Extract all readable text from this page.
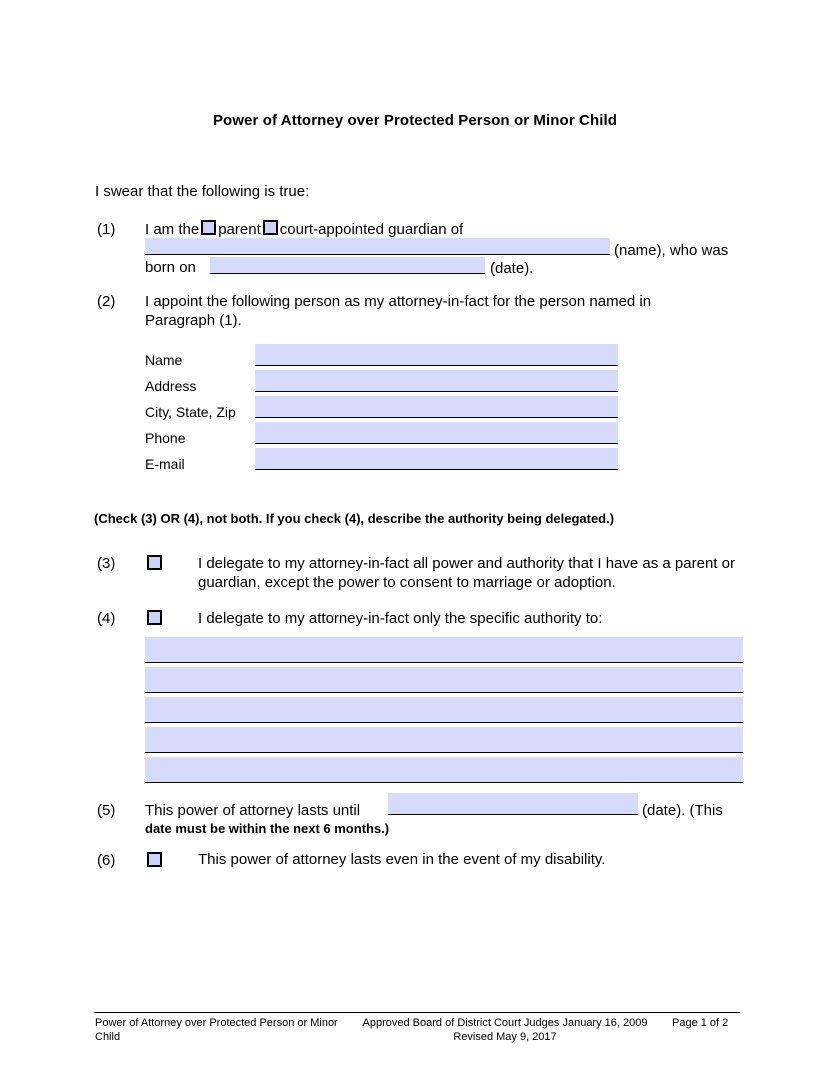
Power of Attorney over Protected Person or Minor Child
I swear that the following is true:
(1) I am the parent court-appointed guardian of
(name), who was
born on	(date).
(2) I appoint the following person as my attorney-in-fact for the person named in Paragraph (1).
Name
Address
City, State, Zip
Phone
E-mail
(Check (3) OR (4), not both. If you check (4), describe the authority being delegated.)
(3)	I delegate to my attorney-in-fact all power and authority that I have as a parent or guardian, except the power to consent to marriage or adoption.
(4)	I delegate to my attorney-in-fact only the specific authority to:
(5) This power of attorney lasts until	(date). (This
date must be within the next 6 months.)
(6)	This power of attorney lasts even in the event of my disability.
Power of Attorney over Protected Person or Minor Child
Approved Board of District Court Judges January 16, 2009
Revised May 9, 2017
Page 1 of 2
